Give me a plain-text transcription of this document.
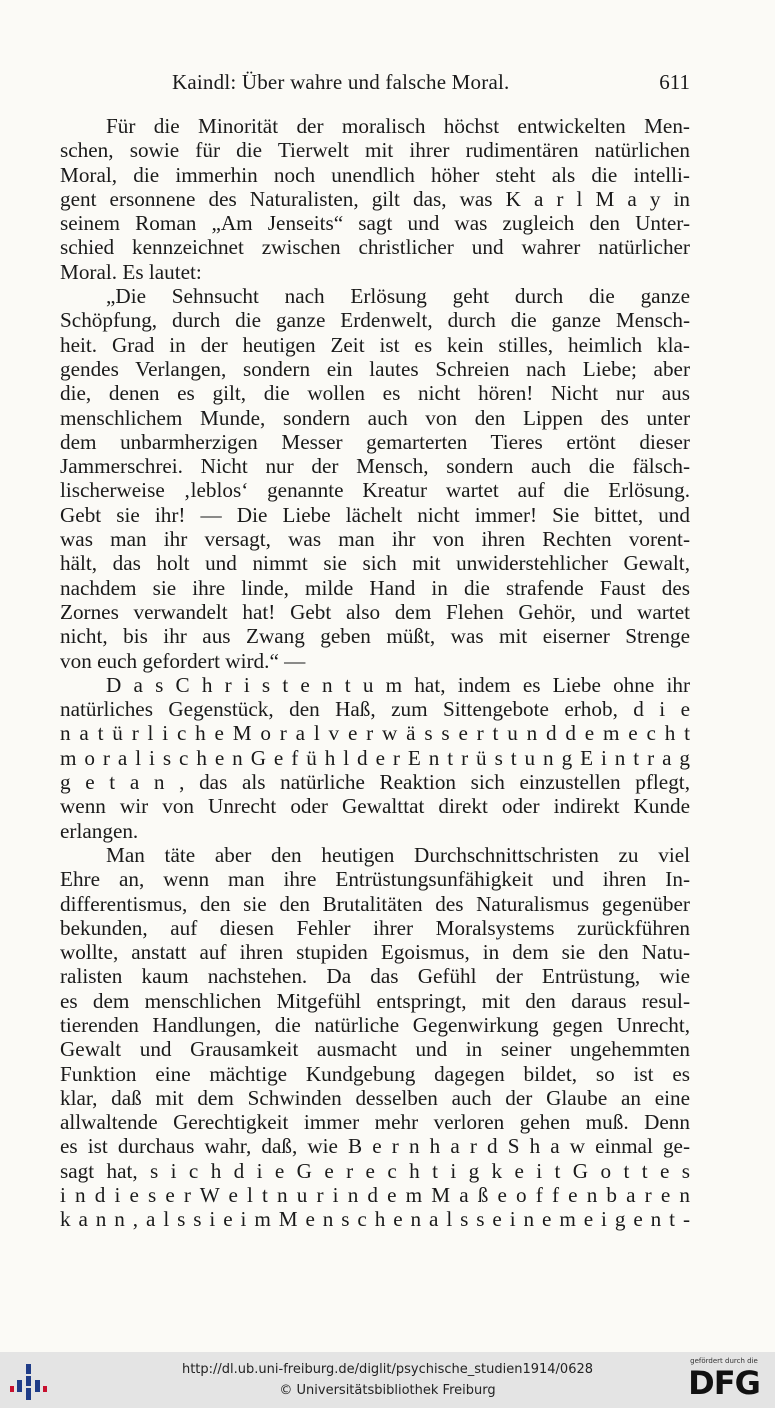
Kaindl: Über wahre und falsche Moral.	611
Für die Minorität der moralisch höchst entwickelten Men-
schen, sowie für die Tierwelt mit ihrer rudimentären natürlichen
Moral, die immerhin noch unendlich höher steht als die intelli-
gent ersonnene des Naturalisten, gilt das, was K a r l M a y in
seinem Roman „Am Jenseits“ sagt und was zugleich den Unter-
schied kennzeichnet zwischen christlicher und wahrer natürlicher
Moral. Es lautet:
„Die Sehnsucht nach Erlösung geht durch die ganze
Schöpfung, durch die ganze Erdenwelt, durch die ganze Mensch-
heit. Grad in der heutigen Zeit ist es kein stilles, heimlich kla-
gendes Verlangen, sondern ein lautes Schreien nach Liebe; aber
die, denen es gilt, die wollen es nicht hören! Nicht nur aus
menschlichem Munde, sondern auch von den Lippen des unter
dem unbarmherzigen Messer gemarterten Tieres ertönt dieser
Jammerschrei. Nicht nur der Mensch, sondern auch die fälsch-
lischerweise ‚leblos‘ genannte Kreatur wartet auf die Erlösung.
Gebt sie ihr! — Die Liebe lächelt nicht immer! Sie bittet, und
was man ihr versagt, was man ihr von ihren Rechten vorent-
hält, das holt und nimmt sie sich mit unwiderstehlicher Gewalt,
nachdem sie ihre linde, milde Hand in die strafende Faust des
Zornes verwandelt hat! Gebt also dem Flehen Gehör, und wartet
nicht, bis ihr aus Zwang geben müßt, was mit eiserner Strenge
von euch gefordert wird.“ —
D a s C h r i s t e n t u m hat, indem es Liebe ohne ihr
natürliches Gegenstück, den Haß, zum Sittengebote erhob, d i e
n a t ü r l i c h e M o r a l v e r w ä s s e r t u n d d e m e c h t
m o r a l i s c h e n G e f ü h l d e r E n t r ü s t u n g E i n t r a g
g e t a n , das als natürliche Reaktion sich einzustellen pflegt,
wenn wir von Unrecht oder Gewalttat direkt oder indirekt Kunde
erlangen.
Man täte aber den heutigen Durchschnittschristen zu viel
Ehre an, wenn man ihre Entrüstungsunfähigkeit und ihren In-
differentismus, den sie den Brutalitäten des Naturalismus gegenüber
bekunden, auf diesen Fehler ihrer Moralsystems zurückführen
wollte, anstatt auf ihren stupiden Egoismus, in dem sie den Natu-
ralisten kaum nachstehen. Da das Gefühl der Entrüstung, wie
es dem menschlichen Mitgefühl entspringt, mit den daraus resul-
tierenden Handlungen, die natürliche Gegenwirkung gegen Unrecht,
Gewalt und Grausamkeit ausmacht und in seiner ungehemmten
Funktion eine mächtige Kundgebung dagegen bildet, so ist es
klar, daß mit dem Schwinden desselben auch der Glaube an eine
allwaltende Gerechtigkeit immer mehr verloren gehen muß. Denn
es ist durchaus wahr, daß, wie B e r n h a r d S h a w einmal ge-
sagt hat, s i c h d i e G e r e c h t i g k e i t G o t t e s
i n d i e s e r W e l t n u r i n d e m M a ß e o f f e n b a r e n
k a n n , a l s s i e i m M e n s c h e n a l s s e i n e m e i g e n t -
http://dl.ub.uni-freiburg.de/diglit/psychische_studien1914/0628
© Universitätsbibliothek Freiburg
gefördert durch die
DFG
